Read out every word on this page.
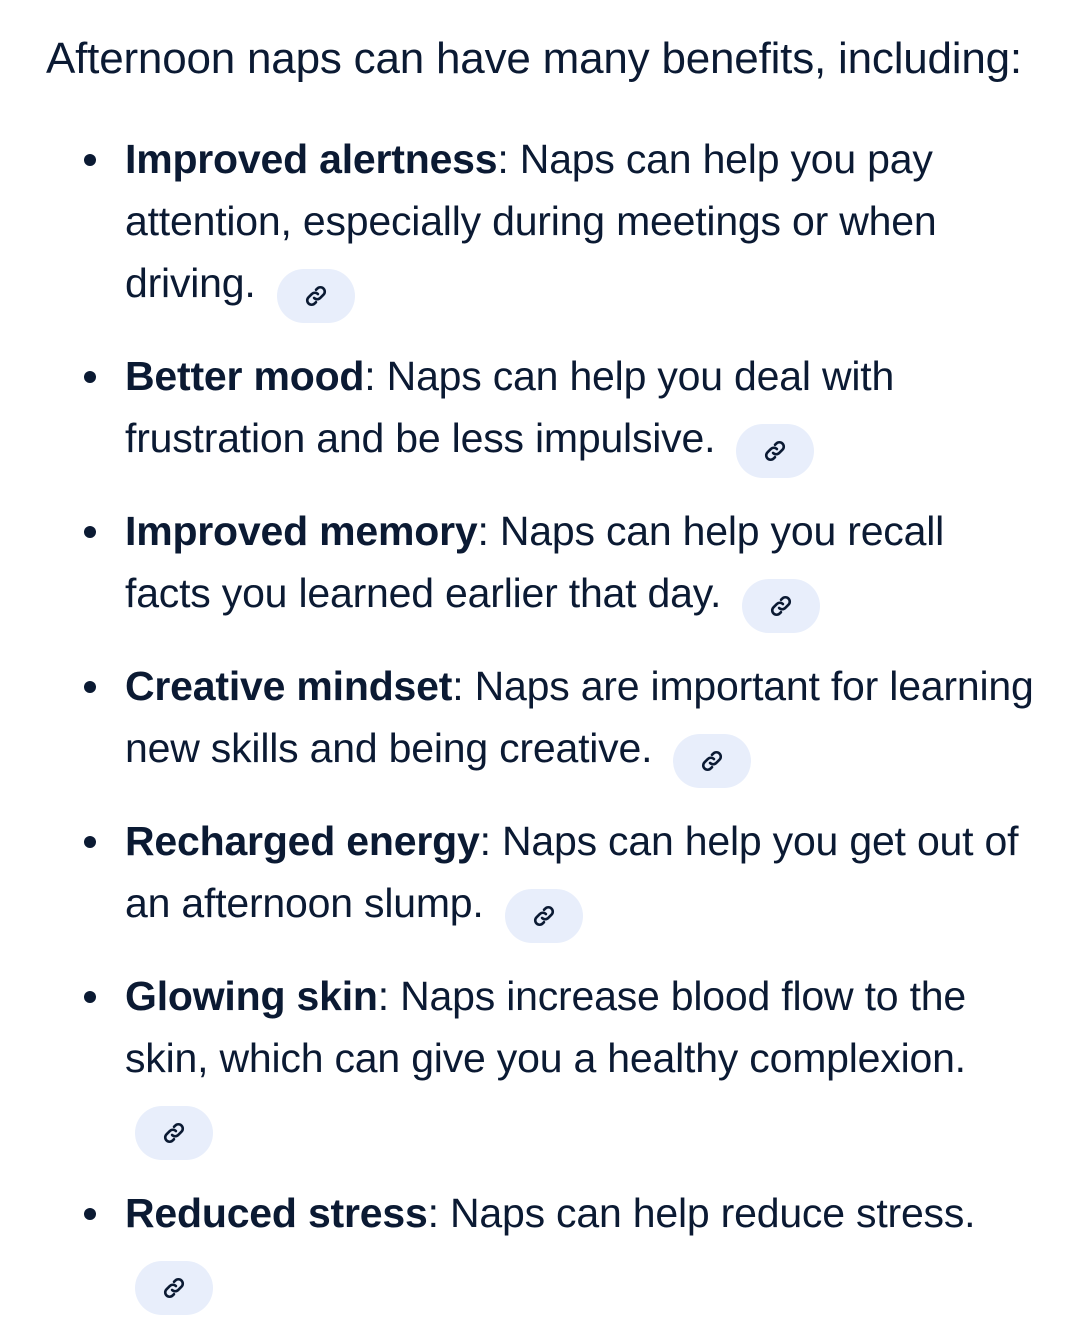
Afternoon naps can have many benefits, including:

Improved alertness: Naps can help you pay attention, especially during meetings or when driving.
Better mood: Naps can help you deal with frustration and be less impulsive.
Improved memory: Naps can help you recall facts you learned earlier that day.
Creative mindset: Naps are important for learning new skills and being creative.
Recharged energy: Naps can help you get out of an afternoon slump.
Glowing skin: Naps increase blood flow to the skin, which can give you a healthy complexion.
Reduced stress: Naps can help reduce stress.
